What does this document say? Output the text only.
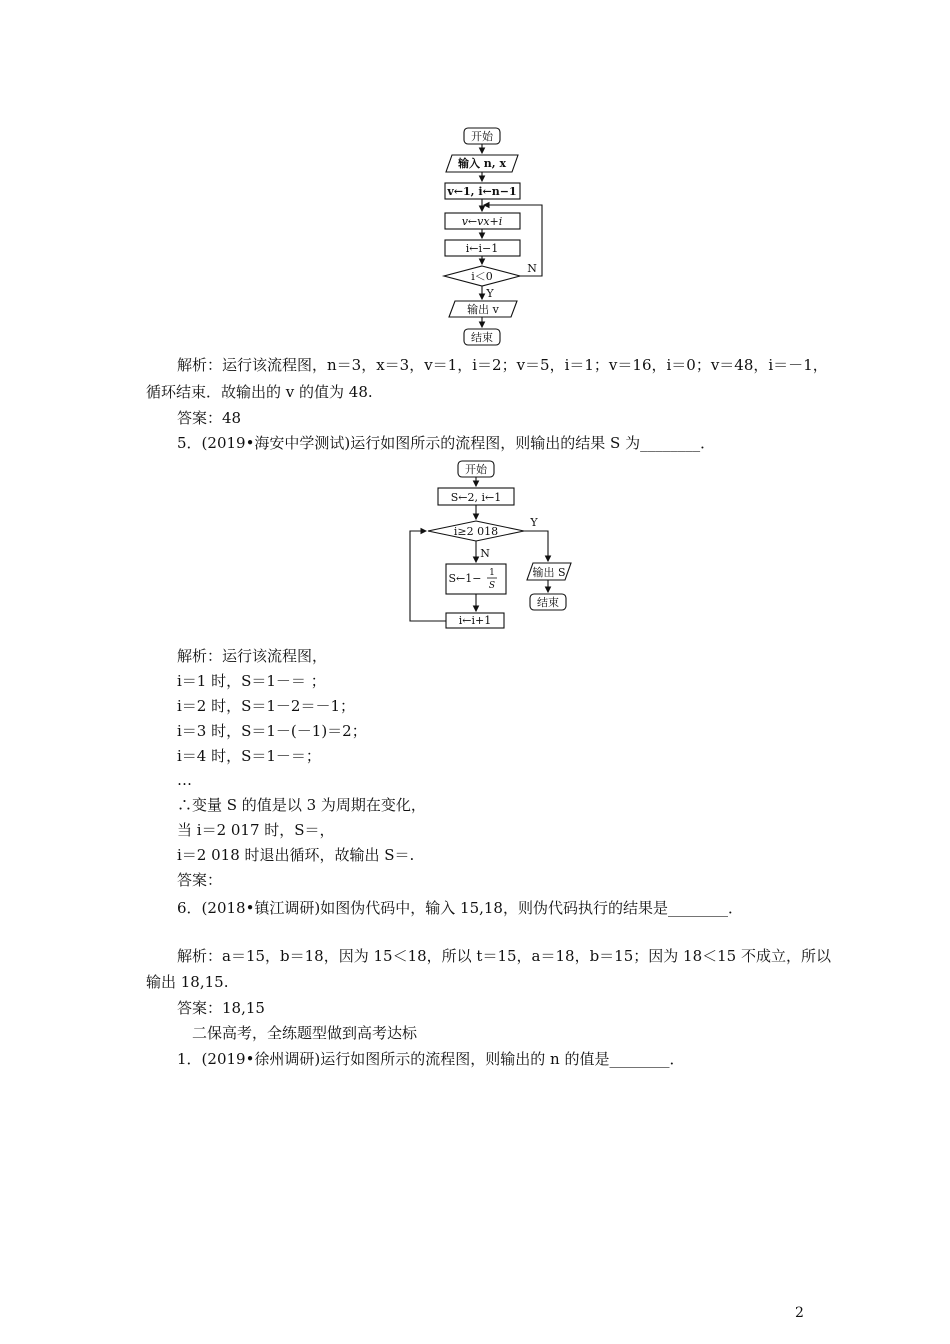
开始
输入 n, x
v←1, i←n−1
v←vx+i
i←i−1
i＜0
N
Y
输出 v
结束
解析：运行该流程图，n＝3，x＝3，v＝1，i＝2；v＝5，i＝1；v＝16，i＝0；v＝48，i＝－1，
循环结束．故输出的 v 的值为 48.
答案：48
5．(2019•海安中学测试)运行如图所示的流程图，则输出的结果 S 为________．
开始
S←2, i←1
i≥2 018
Y
N
S←1− 1
S
i←i+1
输出 S
结束
解析：运行该流程图，
i＝1 时，S＝1－＝ ；
i＝2 时，S＝1－2＝－1；
i＝3 时，S＝1－(－1)＝2；
i＝4 时，S＝1－＝；
…
∴变量 S 的值是以 3 为周期在变化，
当 i＝2 017 时，S＝，
i＝2 018 时退出循环，故输出 S＝.
答案：
6．(2018•镇江调研)如图伪代码中，输入 15,18，则伪代码执行的结果是________．
解析：a＝15，b＝18，因为 15＜18，所以 t＝15，a＝18，b＝15；因为 18＜15 不成立，所以
输出 18,15.
答案：18,15
二保高考，全练题型做到高考达标
1．(2019•徐州调研)运行如图所示的流程图，则输出的 n 的值是________．
2
